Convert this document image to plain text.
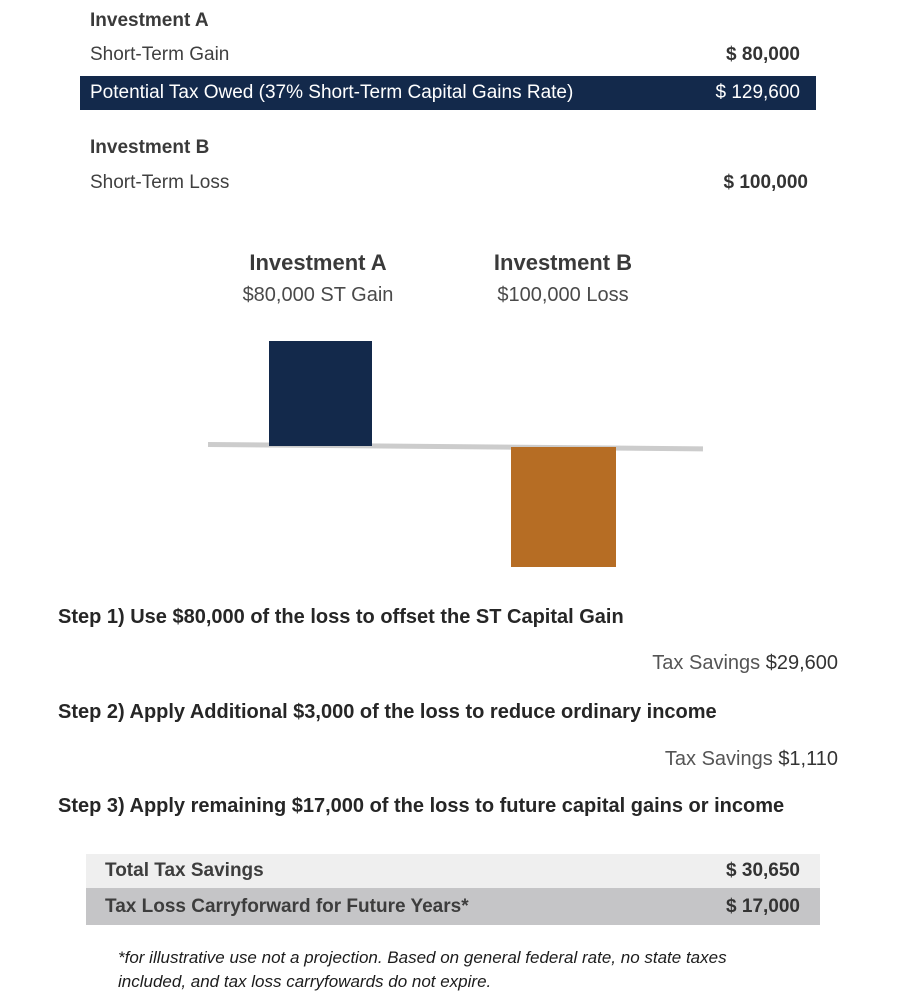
Investment A
Short-Term Gain	$ 80,000
Potential Tax Owed (37% Short-Term Capital Gains Rate)	$ 129,600
Investment B
Short-Term Loss	$ 100,000
Investment A
$80,000 ST Gain
Investment B
$100,000 Loss
Step 1) Use $80,000 of the loss to offset the ST Capital Gain
Tax Savings $29,600
Step 2) Apply Additional $3,000 of the loss to reduce ordinary income
Tax Savings $1,110
Step 3) Apply remaining $17,000 of the loss to future capital gains or income
Total Tax Savings	$ 30,650
Tax Loss Carryforward for Future Years*	$ 17,000
*for illustrative use not a projection. Based on general federal rate, no state taxes included, and tax loss carryfowards do not expire.
